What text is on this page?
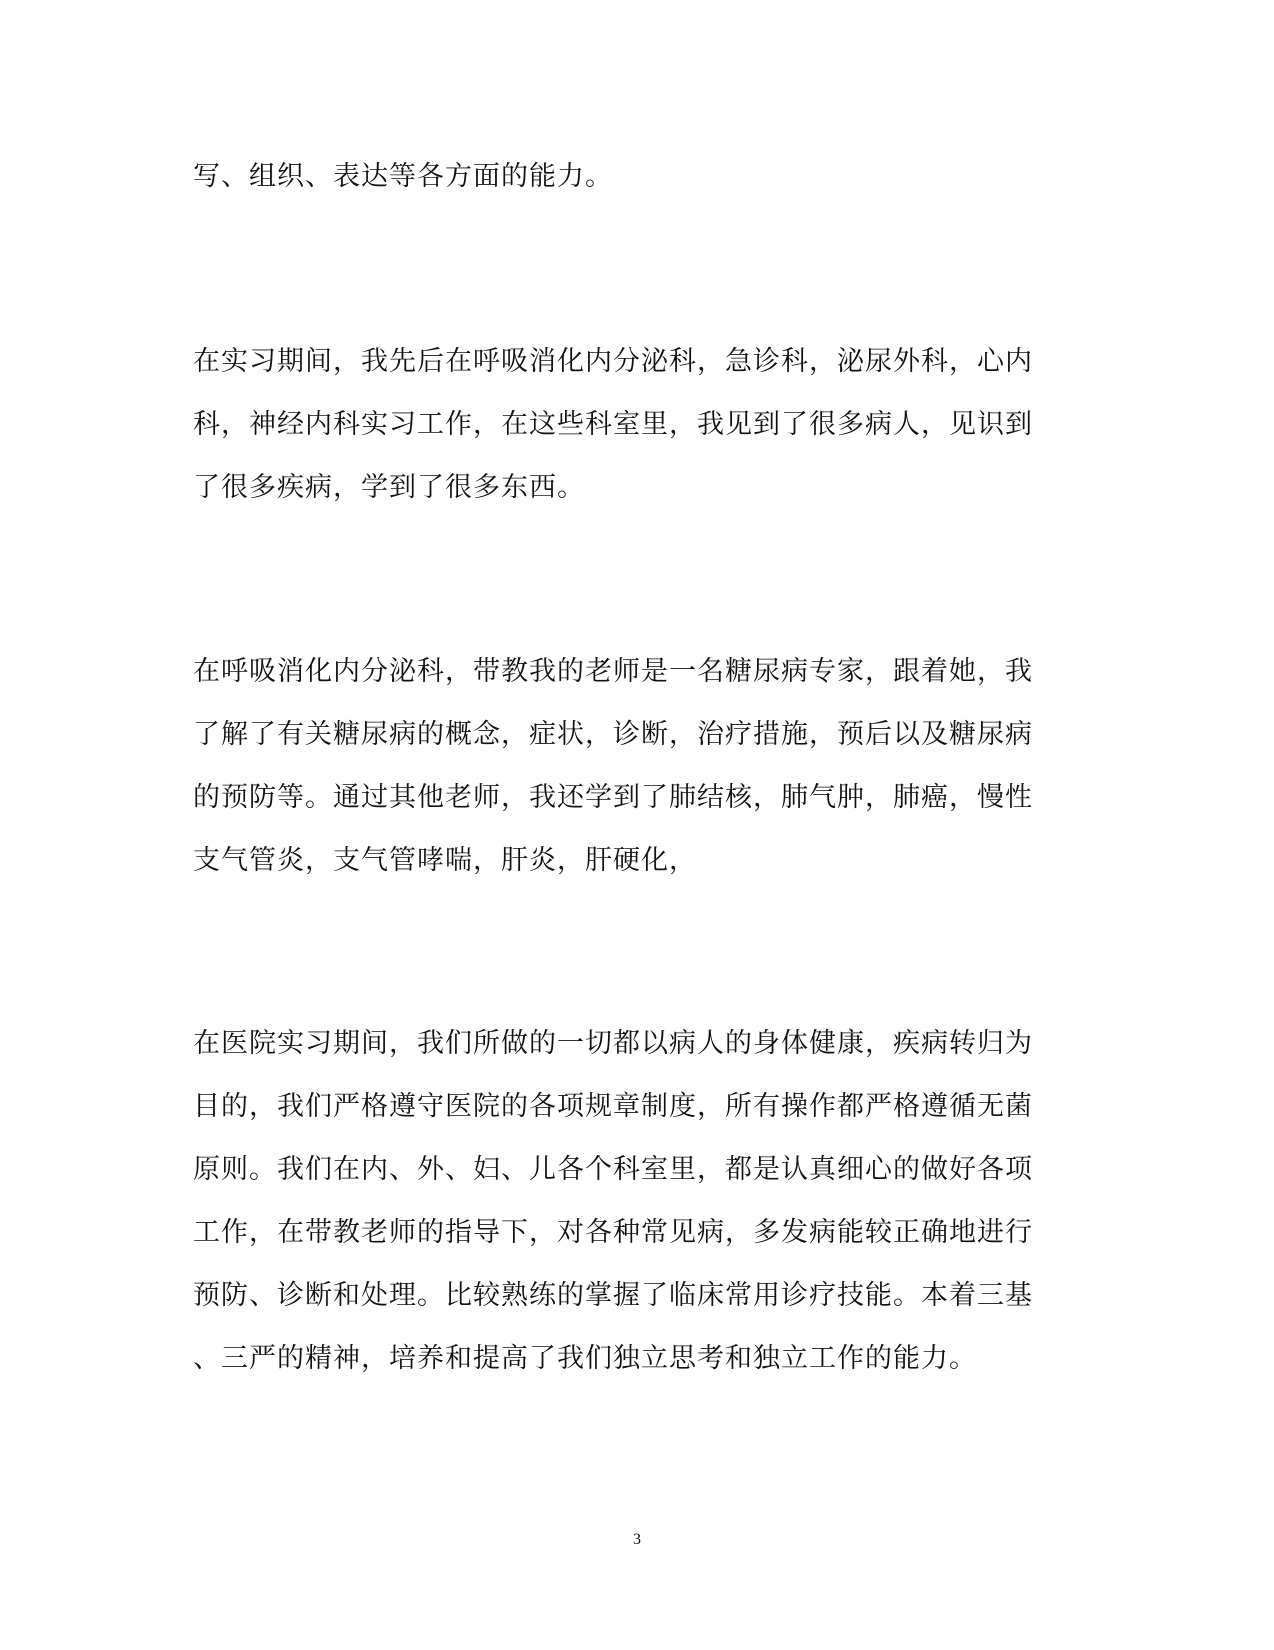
写、组织、表达等各方面的能力。
在实习期间，我先后在呼吸消化内分泌科，急诊科，泌尿外科，心内
科，神经内科实习工作，在这些科室里，我见到了很多病人，见识到
了很多疾病，学到了很多东西。
在呼吸消化内分泌科，带教我的老师是一名糖尿病专家，跟着她，我
了解了有关糖尿病的概念，症状，诊断，治疗措施，预后以及糖尿病
的预防等。通过其他老师，我还学到了肺结核，肺气肿，肺癌，慢性
支气管炎，支气管哮喘，肝炎，肝硬化，
在医院实习期间，我们所做的一切都以病人的身体健康，疾病转归为
目的，我们严格遵守医院的各项规章制度，所有操作都严格遵循无菌
原则。我们在内、外、妇、儿各个科室里，都是认真细心的做好各项
工作，在带教老师的指导下，对各种常见病，多发病能较正确地进行
预防、诊断和处理。比较熟练的掌握了临床常用诊疗技能。本着三基
、三严的精神，培养和提高了我们独立思考和独立工作的能力。
3
